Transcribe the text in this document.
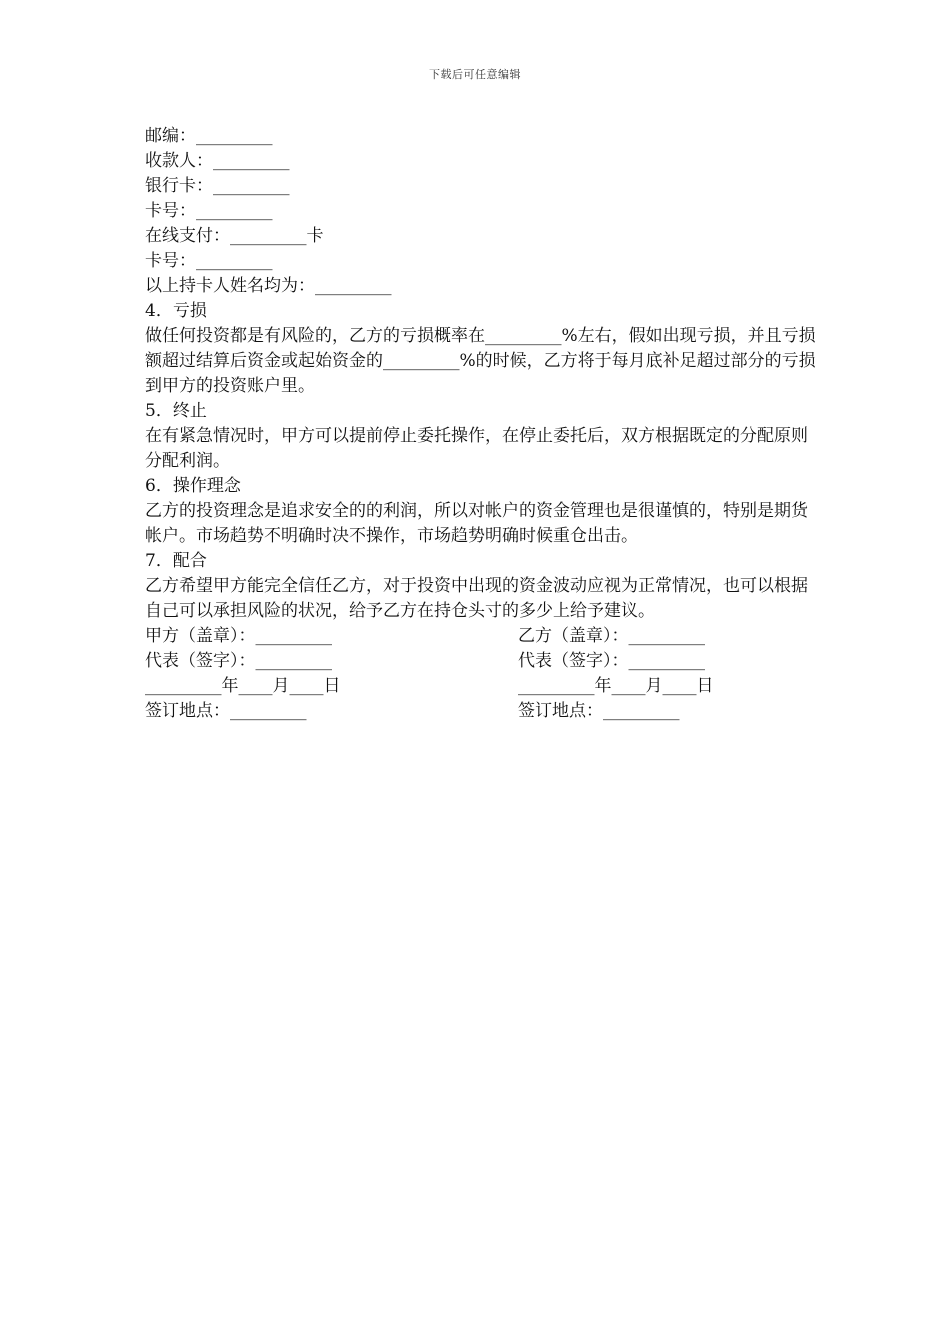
下载后可任意编辑
邮编：_________
收款人：_________
银行卡：_________
卡号：_________
在线支付：_________卡
卡号：_________
以上持卡人姓名均为：_________
4．亏损
做任何投资都是有风险的，乙方的亏损概率在_________%左右，假如出现亏损，并且亏损额超过结算后资金或起始资金的_________%的时候，乙方将于每月底补足超过部分的亏损到甲方的投资账户里。
5．终止
在有紧急情况时，甲方可以提前停止委托操作，在停止委托后，双方根据既定的分配原则分配利润。
6．操作理念
乙方的投资理念是追求安全的的利润，所以对帐户的资金管理也是很谨慎的，特别是期货帐户。市场趋势不明确时决不操作，市场趋势明确时候重仓出击。
7．配合
乙方希望甲方能完全信任乙方，对于投资中出现的资金波动应视为正常情况，也可以根据自己可以承担风险的状况，给予乙方在持仓头寸的多少上给予建议。
甲方（盖章）：_________	乙方（盖章）：_________
代表（签字）：_________	代表（签字）：_________
_________年____月____日	_________年____月____日
签订地点：_________	签订地点：_________
